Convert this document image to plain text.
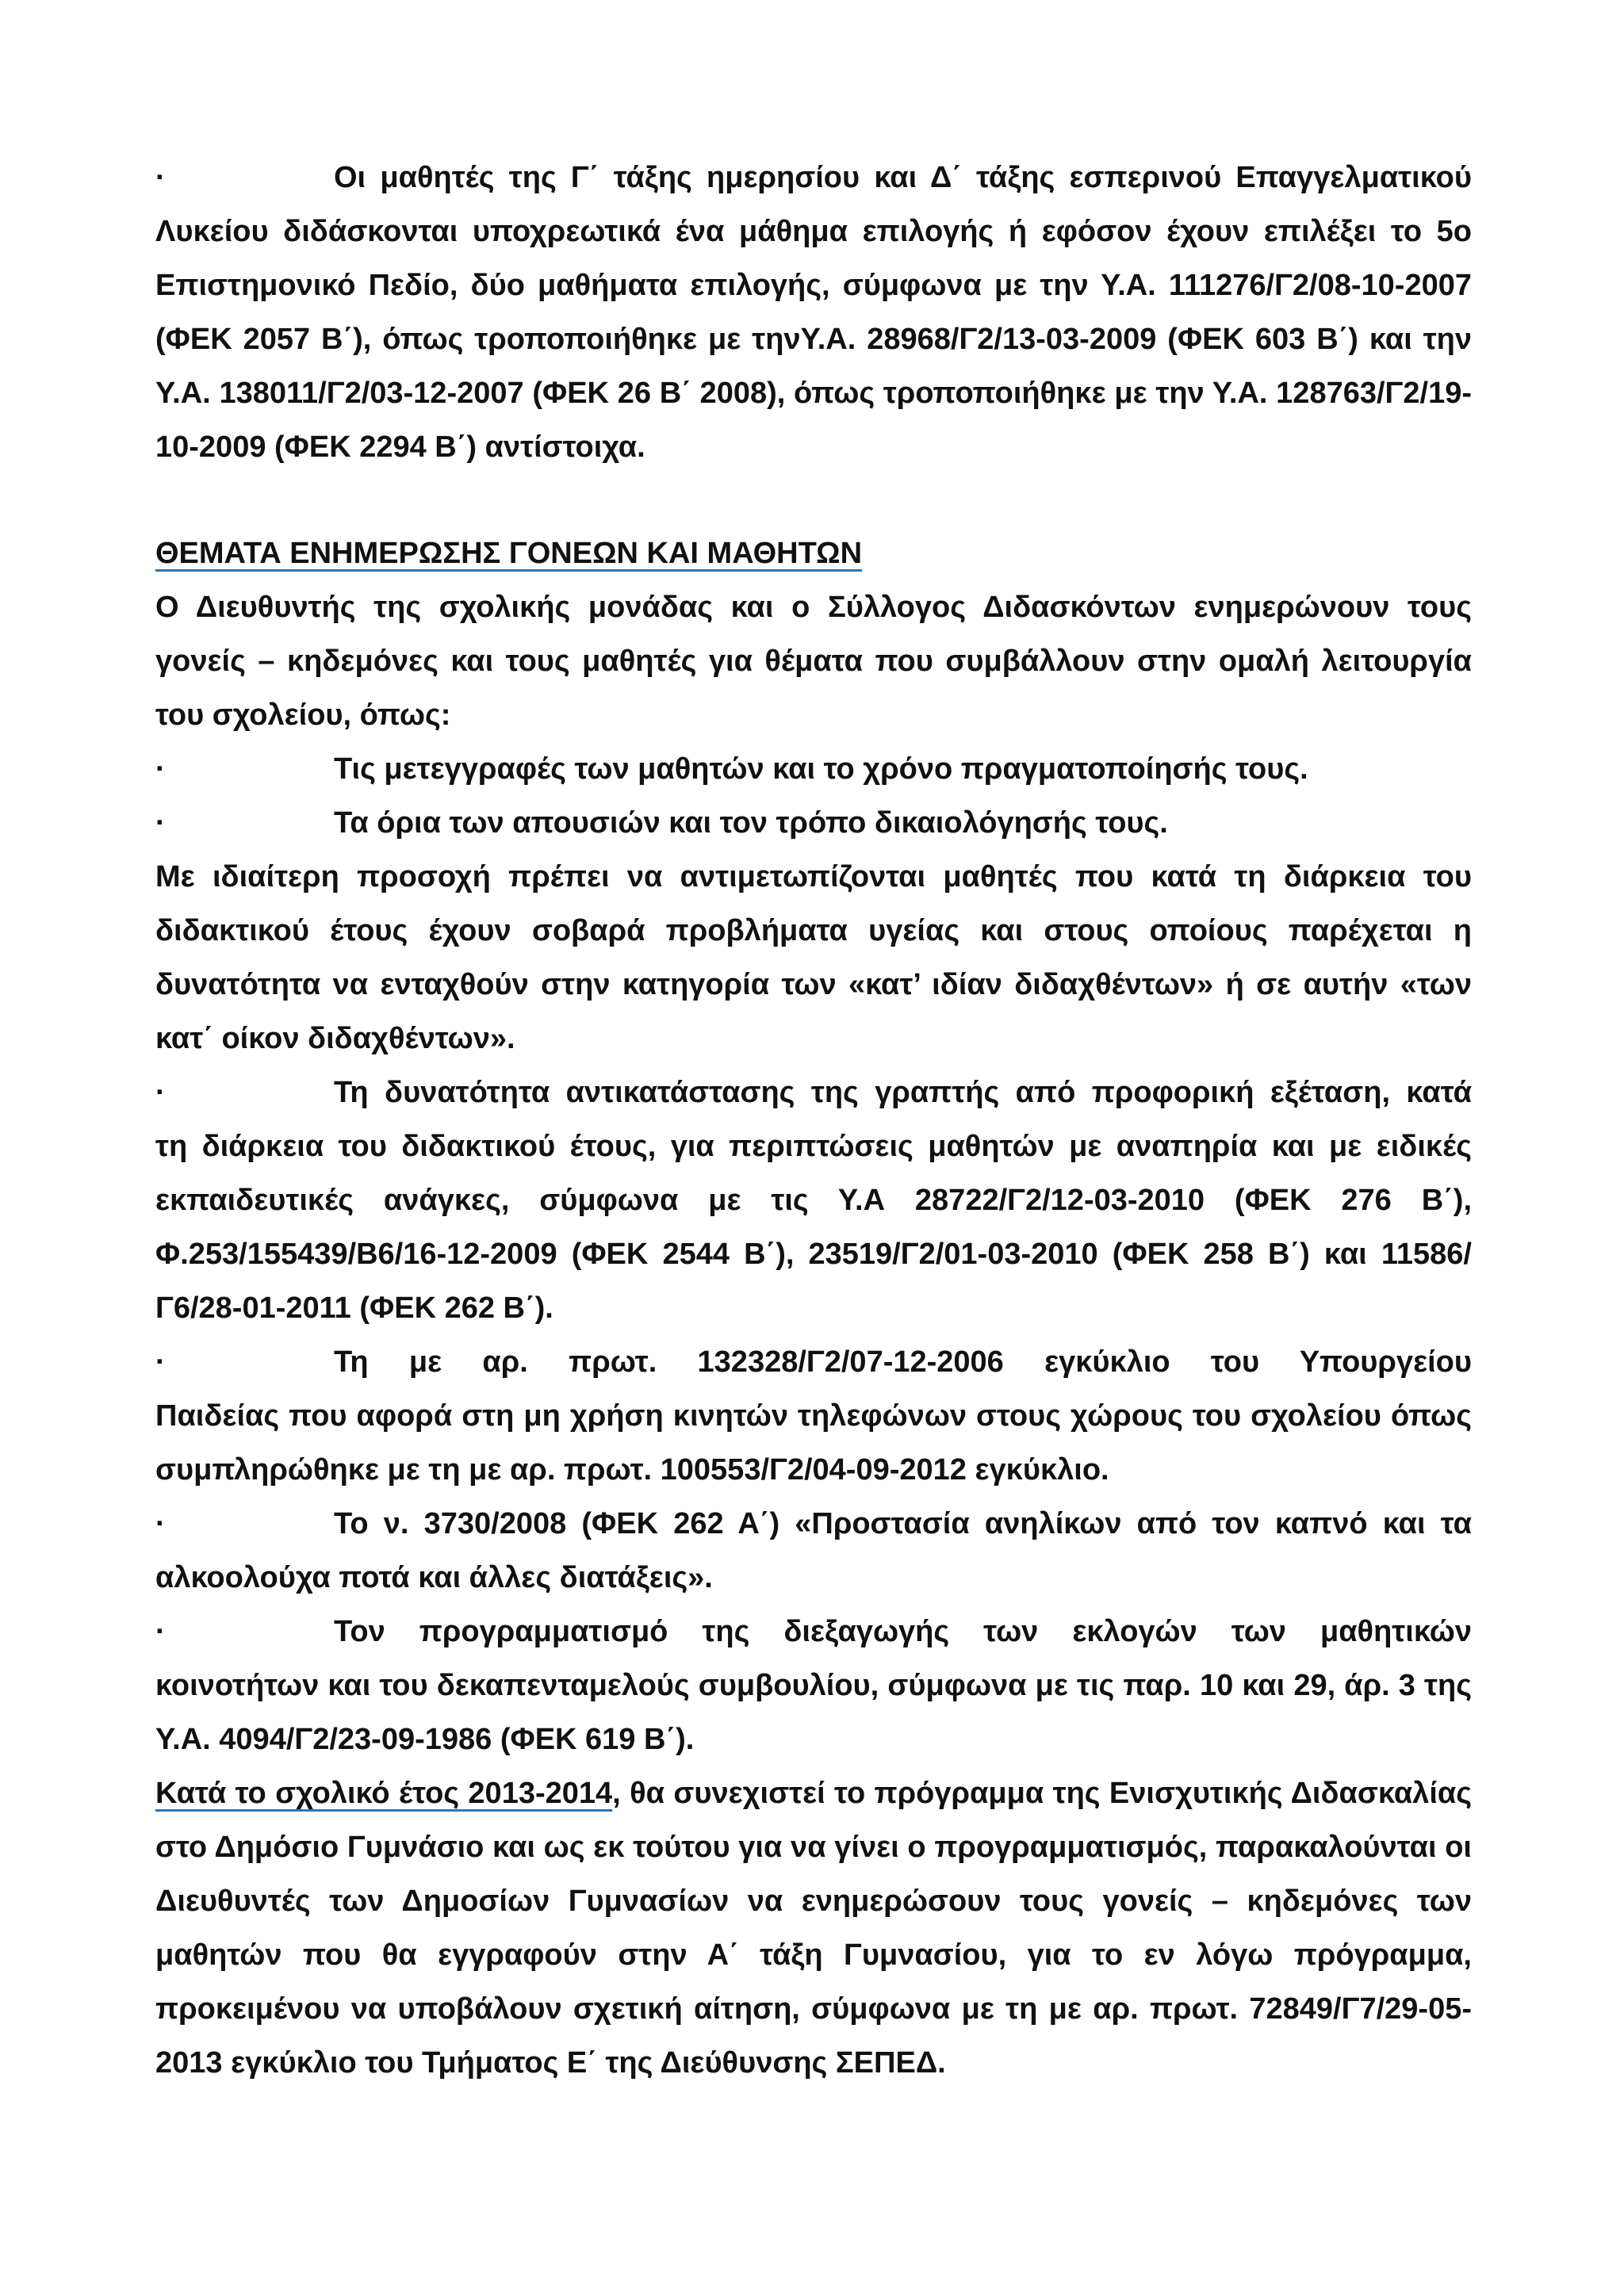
·	Οι μαθητές της Γ΄ τάξης ημερησίου και Δ΄ τάξης εσπερινού Επαγγελματικού

Λυκείου διδάσκονται υποχρεωτικά ένα μάθημα επιλογής ή εφόσον έχουν επιλέξει το 5ο Επιστημονικό Πεδίο, δύο μαθήματα επιλογής, σύμφωνα με την Υ.Α. 111276/Γ2/08-10-2007 (ΦΕΚ 2057 Β΄), όπως τροποποιήθηκε με τηνΥ.Α. 28968/Γ2/13-03-2009 (ΦΕΚ 603 Β΄) και την Υ.Α. 138011/Γ2/03-12-2007 (ΦΕΚ 26 Β΄ 2008), όπως τροποποιήθηκε με την Υ.Α. 128763/Γ2/19-10-2009 (ΦΕΚ 2294 Β΄) αντίστοιχα.

ΘΕΜΑΤΑ ΕΝΗΜΕΡΩΣΗΣ ΓΟΝΕΩΝ ΚΑΙ ΜΑΘΗΤΩΝ

Ο Διευθυντής της σχολικής μονάδας και ο Σύλλογος Διδασκόντων ενημερώνουν τους γονείς – κηδεμόνες και τους μαθητές για θέματα που συμβάλλουν στην ομαλή λειτουργία του σχολείου, όπως:

·	Τις μετεγγραφές των μαθητών και το χρόνο πραγματοποίησής τους.

·	Τα όρια των απουσιών και τον τρόπο δικαιολόγησής τους.

Με ιδιαίτερη προσοχή πρέπει να αντιμετωπίζονται μαθητές που κατά τη διάρκεια του διδακτικού έτους έχουν σοβαρά προβλήματα υγείας και στους οποίους παρέχεται η δυνατότητα να ενταχθούν στην κατηγορία των «κατ’ ιδίαν διδαχθέντων» ή σε αυτήν «των κατ΄ οίκον διδαχθέντων».

·	Τη δυνατότητα αντικατάστασης της γραπτής από προφορική εξέταση, κατά

τη διάρκεια του διδακτικού έτους, για περιπτώσεις μαθητών με αναπηρία και με ειδικές εκπαιδευτικές ανάγκες, σύμφωνα με τις Υ.Α 28722/Γ2/12-03-2010 (ΦΕΚ 276 Β΄), Φ.253/155439/Β6/16-12-2009 (ΦΕΚ 2544 Β΄), 23519/Γ2/01-03-2010 (ΦΕΚ 258 Β΄) και 11586/Γ6/28-01-2011 (ΦΕΚ 262 Β΄).

·	Τη με αρ. πρωτ. 132328/Γ2/07-12-2006 εγκύκλιο του Υπουργείου

Παιδείας που αφορά στη μη χρήση κινητών τηλεφώνων στους χώρους του σχολείου όπως συμπληρώθηκε με τη με αρ. πρωτ. 100553/Γ2/04-09-2012 εγκύκλιο.

·	Το ν. 3730/2008 (ΦΕΚ 262 Α΄) «Προστασία ανηλίκων από τον καπνό και τα

αλκοολούχα ποτά και άλλες διατάξεις».

·	Τον προγραμματισμό της διεξαγωγής των εκλογών των μαθητικών

κοινοτήτων και του δεκαπενταμελούς συμβουλίου, σύμφωνα με τις παρ. 10 και 29, άρ. 3 της Υ.Α. 4094/Γ2/23-09-1986 (ΦΕΚ 619 Β΄).

Κατά το σχολικό έτος 2013-2014, θα συνεχιστεί το πρόγραμμα της Ενισχυτικής Διδασκαλίας στο Δημόσιο Γυμνάσιο και ως εκ τούτου για να γίνει ο προγραμματισμός, παρακαλούνται οι Διευθυντές των Δημοσίων Γυμνασίων να ενημερώσουν τους γονείς – κηδεμόνες των μαθητών που θα εγγραφούν στην Α΄ τάξη Γυμνασίου, για το εν λόγω πρόγραμμα, προκειμένου να υποβάλουν σχετική αίτηση, σύμφωνα με τη με αρ. πρωτ. 72849/Γ7/29-05-2013 εγκύκλιο του Τμήματος Ε΄ της Διεύθυνσης ΣΕΠΕΔ.
